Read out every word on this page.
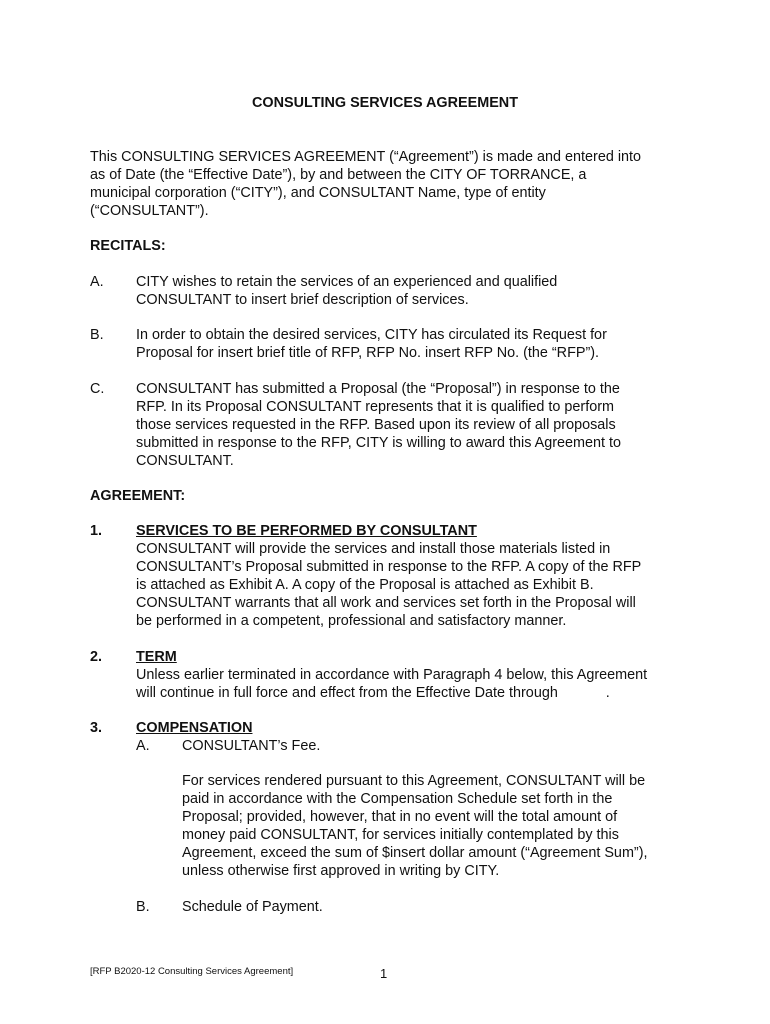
CONSULTING SERVICES AGREEMENT
This CONSULTING SERVICES AGREEMENT (“Agreement”) is made and entered into
as of Date (the “Effective Date”), by and between the CITY OF TORRANCE, a
municipal corporation (“CITY”), and CONSULTANT Name, type of entity
(“CONSULTANT”).
RECITALS:
A.	CITY wishes to retain the services of an experienced and qualified
CONSULTANT to insert brief description of services.
B.	In order to obtain the desired services, CITY has circulated its Request for
Proposal for insert brief title of RFP, RFP No. insert RFP No. (the “RFP”).
C.	CONSULTANT has submitted a Proposal (the “Proposal”) in response to the
RFP. In its Proposal CONSULTANT represents that it is qualified to perform
those services requested in the RFP. Based upon its review of all proposals
submitted in response to the RFP, CITY is willing to award this Agreement to
CONSULTANT.
AGREEMENT:
1.	SERVICES TO BE PERFORMED BY CONSULTANT
CONSULTANT will provide the services and install those materials listed in
CONSULTANT’s Proposal submitted in response to the RFP. A copy of the RFP
is attached as Exhibit A. A copy of the Proposal is attached as Exhibit B.
CONSULTANT warrants that all work and services set forth in the Proposal will
be performed in a competent, professional and satisfactory manner.
2.	TERM
Unless earlier terminated in accordance with Paragraph 4 below, this Agreement
will continue in full force and effect from the Effective Date through            .
3.	COMPENSATION
A.	CONSULTANT’s Fee.
For services rendered pursuant to this Agreement, CONSULTANT will be
paid in accordance with the Compensation Schedule set forth in the
Proposal; provided, however, that in no event will the total amount of
money paid CONSULTANT, for services initially contemplated by this
Agreement, exceed the sum of $insert dollar amount (“Agreement Sum”),
unless otherwise first approved in writing by CITY.
B.	Schedule of Payment.
[RFP B2020-12 Consulting Services Agreement]	1
